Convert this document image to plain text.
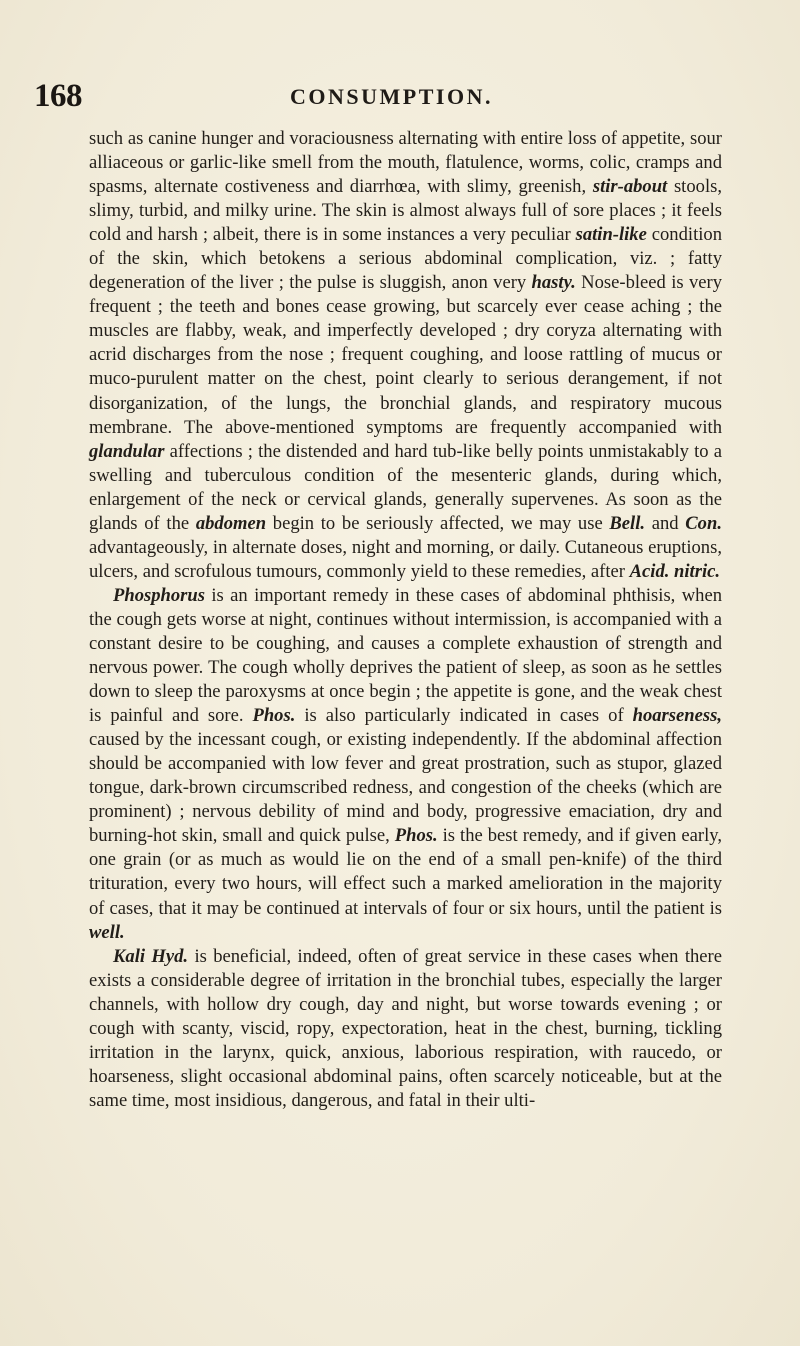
168	CONSUMPTION.

such as canine hunger and voraciousness alternating with entire loss of appetite, sour alliaceous or garlic-like smell from the mouth, flatulence, worms, colic, cramps and spasms, alternate costiveness and diarrhœa, with slimy, greenish, stir-about stools, slimy, turbid, and milky urine. The skin is almost always full of sore places ; it feels cold and harsh ; albeit, there is in some instances a very peculiar satin-like condition of the skin, which betokens a serious abdominal complication, viz. ; fatty degeneration of the liver ; the pulse is sluggish, anon very hasty. Nose-bleed is very frequent ; the teeth and bones cease growing, but scarcely ever cease aching ; the muscles are flabby, weak, and imperfectly developed ; dry coryza alternating with acrid discharges from the nose ; frequent coughing, and loose rattling of mucus or muco-purulent matter on the chest, point clearly to serious derangement, if not disorganization, of the lungs, the bronchial glands, and respiratory mucous membrane. The above-mentioned symptoms are frequently accompanied with glandular affections ; the distended and hard tub-like belly points unmistakably to a swelling and tuberculous condition of the mesenteric glands, during which, enlargement of the neck or cervical glands, generally supervenes. As soon as the glands of the abdomen begin to be seriously affected, we may use Bell. and Con. advantageously, in alternate doses, night and morning, or daily. Cutaneous eruptions, ulcers, and scrofulous tumours, commonly yield to these remedies, after Acid. nitric.

Phosphorus is an important remedy in these cases of abdominal phthisis, when the cough gets worse at night, continues without intermission, is accompanied with a constant desire to be coughing, and causes a complete exhaustion of strength and nervous power. The cough wholly deprives the patient of sleep, as soon as he settles down to sleep the paroxysms at once begin ; the appetite is gone, and the weak chest is painful and sore. Phos. is also particularly indicated in cases of hoarseness, caused by the incessant cough, or existing independently. If the abdominal affection should be accompanied with low fever and great prostration, such as stupor, glazed tongue, dark-brown circumscribed redness, and congestion of the cheeks (which are prominent) ; nervous debility of mind and body, progressive emaciation, dry and burning-hot skin, small and quick pulse, Phos. is the best remedy, and if given early, one grain (or as much as would lie on the end of a small pen-knife) of the third trituration, every two hours, will effect such a marked amelioration in the majority of cases, that it may be continued at intervals of four or six hours, until the patient is well.

Kali Hyd. is beneficial, indeed, often of great service in these cases when there exists a considerable degree of irritation in the bronchial tubes, especially the larger channels, with hollow dry cough, day and night, but worse towards evening ; or cough with scanty, viscid, ropy, expectoration, heat in the chest, burning, tickling irritation in the larynx, quick, anxious, laborious respiration, with raucedo, or hoarseness, slight occasional abdominal pains, often scarcely noticeable, but at the same time, most insidious, dangerous, and fatal in their ulti-
